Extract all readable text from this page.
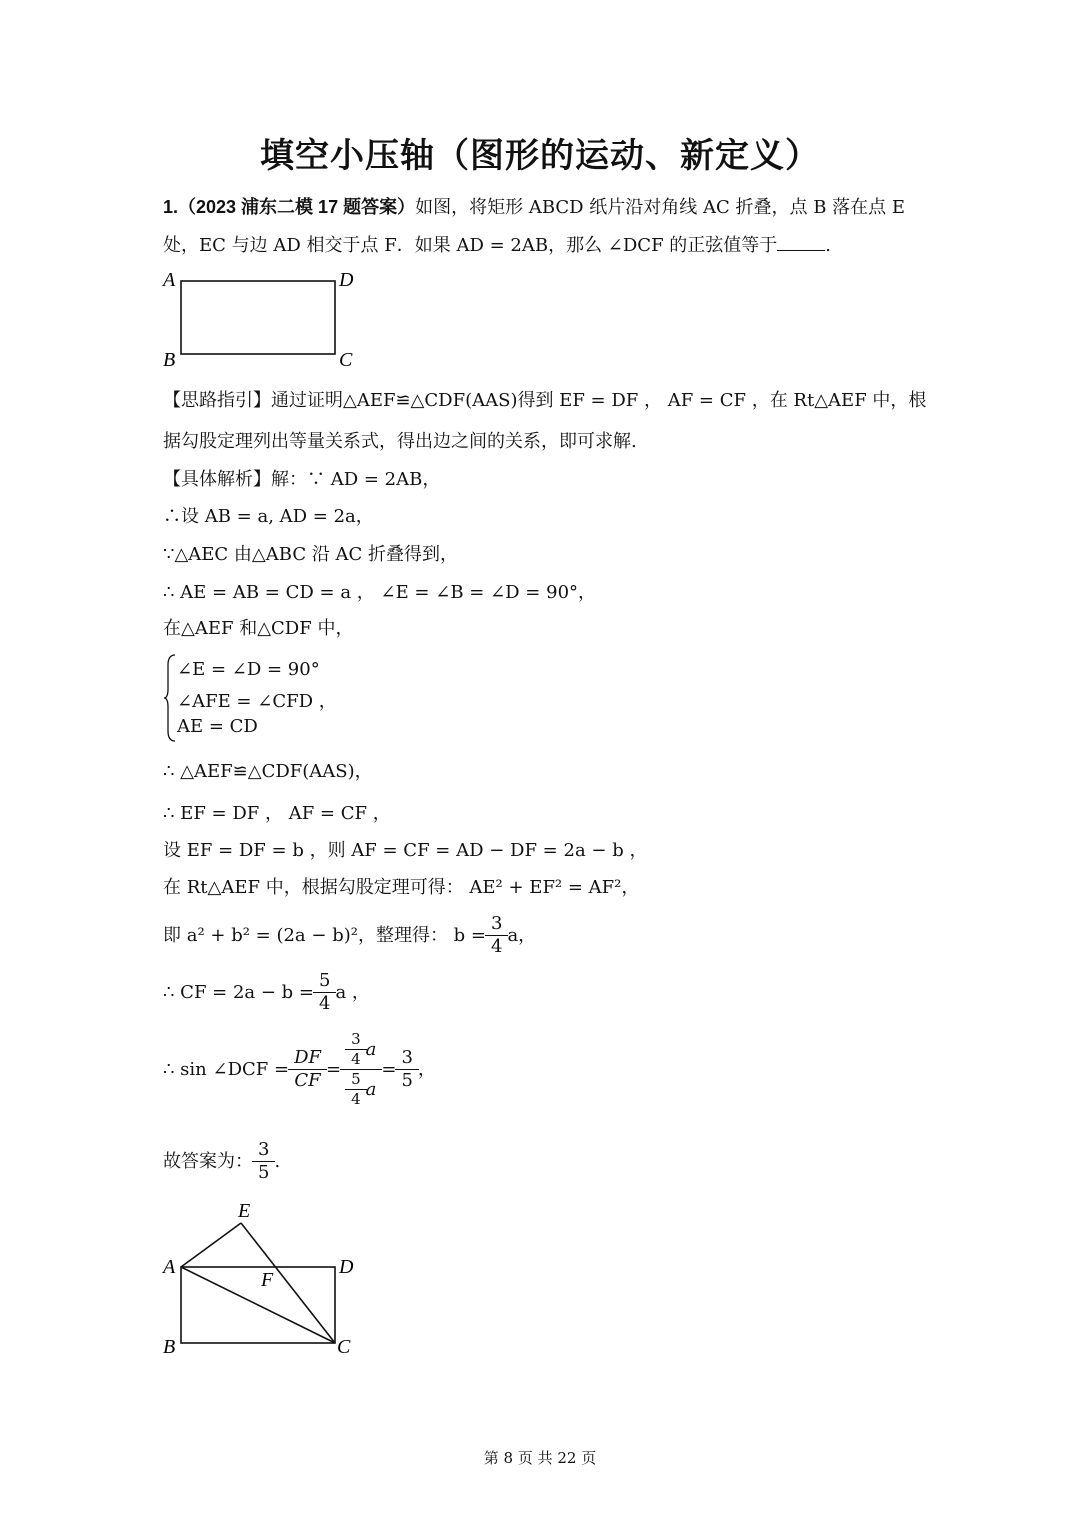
填空小压轴（图形的运动、新定义）
1.（2023 浦东二模 17 题答案）如图，将矩形 ABCD 纸片沿对角线 AC 折叠，点 B 落在点 E
处，EC 与边 AD 相交于点 F．如果 AD = 2AB，那么 ∠DCF 的正弦值等于	.
A	D
B	C
【思路指引】通过证明△AEF≌△CDF(AAS)得到 EF = DF ， AF = CF ，在 Rt△AEF 中，根
据勾股定理列出等量关系式，得出边之间的关系，即可求解.
【具体解析】解：∵ AD = 2AB，
∴设 AB = a, AD = 2a，
∵△AEC 由△ABC 沿 AC 折叠得到，
∴ AE = AB = CD = a ， ∠E = ∠B = ∠D = 90°，
在△AEF 和△CDF 中，
∠E = ∠D = 90°
∠AFE = ∠CFD ，
AE = CD
∴ △AEF≌△CDF(AAS)，
∴ EF = DF ， AF = CF ，
设 EF = DF = b ，则 AF = CF = AD − DF = 2a − b ，
在 Rt△AEF 中，根据勾股定理可得： AE² + EF² = AF²，
即 a² + b² = (2a − b)²，整理得： $b = \frac{3}{4}$ a，
∴ CF = $2a - b = \frac{5}{4}$ a ，
∴ sin ∠DCF = $\frac{DF}{CF} = \frac{\frac{3}{4} a}{\frac{5}{4} a} = \frac{3}{5}$ ，
故答案为： $\frac{3}{5}$ .
E
A	D
F
B	C
第 8 页 共 22 页
